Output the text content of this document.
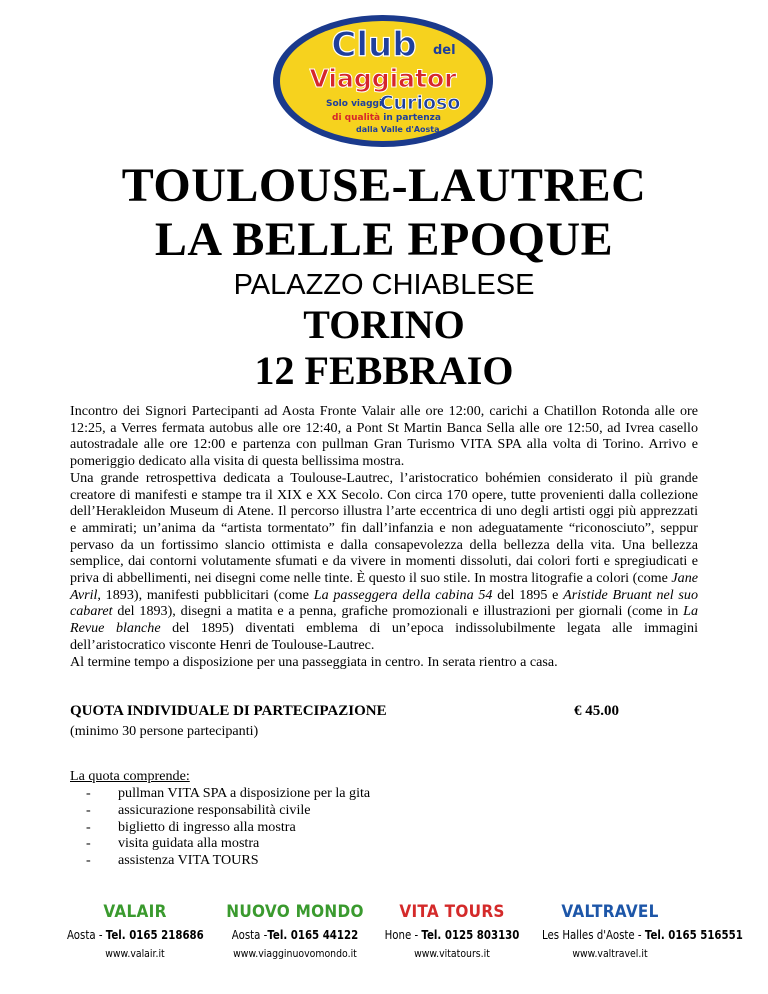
Club del
Viaggiator
Curioso
Solo viaggi
di qualità in partenza
dalla Valle d'Aosta
TOULOUSE-LAUTREC
LA BELLE EPOQUE
PALAZZO CHIABLESE
TORINO
12 FEBBRAIO

Incontro dei Signori Partecipanti ad Aosta Fronte Valair alle ore 12:00, carichi a Chatillon Rotonda alle ore 12:25, a Verres fermata autobus alle ore 12:40, a Pont St Martin Banca Sella alle ore 12:50, ad Ivrea casello autostradale alle ore 12:00 e partenza con pullman Gran Turismo VITA SPA alla volta di Torino. Arrivo e pomeriggio dedicato alla visita di questa bellissima mostra.

Una grande retrospettiva dedicata a Toulouse-Lautrec, l’aristocratico bohémien considerato il più grande creatore di manifesti e stampe tra il XIX e XX Secolo. Con circa 170 opere, tutte provenienti dalla collezione dell’Herakleidon Museum di Atene. Il percorso illustra l’arte eccentrica di uno degli artisti oggi più apprezzati e ammirati; un’anima da “artista tormentato” fin dall’infanzia e non adeguatamente “riconosciuto”, seppur pervaso da un fortissimo slancio ottimista e dalla consapevolezza della bellezza della vita. Una bellezza semplice, dai contorni volutamente sfumati e da vivere in momenti dissoluti, dai colori forti e spregiudicati e priva di abbellimenti, nei disegni come nelle tinte. È questo il suo stile. In mostra litografie a colori (come Jane Avril, 1893), manifesti pubblicitari (come La passeggera della cabina 54 del 1895 e Aristide Bruant nel suo cabaret del 1893), disegni a matita e a penna, grafiche promozionali e illustrazioni per giornali (come in La Revue blanche del 1895) diventati emblema di un’epoca indissolubilmente legata alle immagini dell’aristocratico visconte Henri de Toulouse-Lautrec.

Al termine tempo a disposizione per una passeggiata in centro. In serata rientro a casa.

QUOTA INDIVIDUALE DI PARTECIPAZIONE	€ 45.00
(minimo 30 persone partecipanti)
La quota comprende:
- pullman VITA SPA a disposizione per la gita
- assicurazione responsabilità civile
- biglietto di ingresso alla mostra
- visita guidata alla mostra
- assistenza VITA TOURS
VALAIR
Aosta - Tel. 0165 218686
www.valair.it
NUOVO MONDO
Aosta -Tel. 0165 44122
www.viagginuovomondo.it
VITA TOURS
Hone - Tel. 0125 803130
www.vitatours.it
VALTRAVEL
Les Halles d'Aoste - Tel. 0165 516551
www.valtravel.it
